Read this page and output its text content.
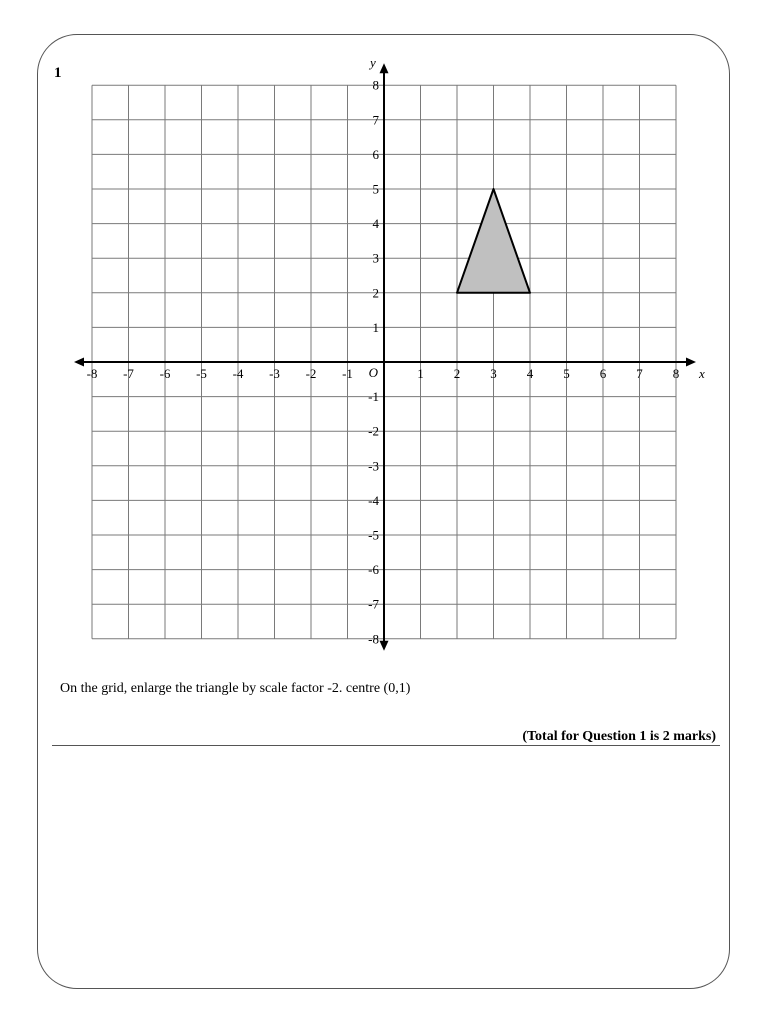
1
-8 -7 -6 -5 -4 -3 -2 -1	1 2 3 4 5 6 7 8
-8
-7
-6
-5
-4
-3
-2
-1
1
2
3
4
5
6
7
8
O	x
y
On the grid, enlarge the triangle by scale factor -2. centre (0,1)
(Total for Question 1 is 2 marks)
